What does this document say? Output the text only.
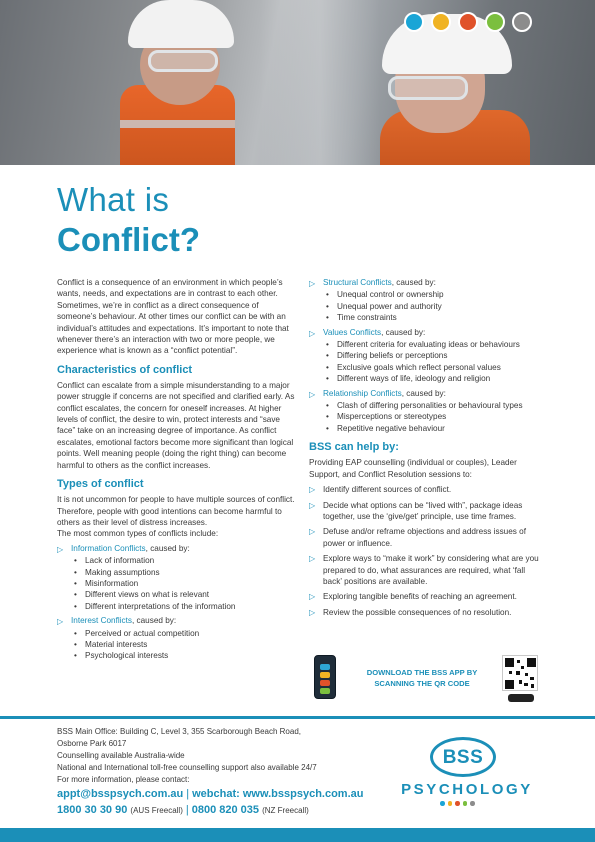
What is
Conflict?

Conflict is a consequence of an environment in which people’s wants, needs, and expectations are in contrast to each other. Sometimes, we’re in conflict as a direct consequence of someone’s behaviour. At other times our conflict can be with an individual’s attitudes and expectations. It’s important to note that whenever there’s an interaction with two or more people, we experience what is known as a “conflict potential”.

Characteristics of conflict

Conflict can escalate from a simple misunderstanding to a major power struggle if concerns are not specified and clarified early. As conflict escalates, the concern for oneself increases. At higher levels of conflict, the desire to win, protect interests and “save face” take on an increasing degree of importance. As conflict escalates, emotional factors become more significant than logical points. Well meaning people (doing the right thing) can become harmful to others as the conflict increases.

Types of conflict

It is not uncommon for people to have multiple sources of conflict. Therefore, people with good intentions can become harmful to others as their level of distress increases.

The most common types of conflicts include:

▷ Information Conflicts, caused by:
• Lack of information
• Making assumptions
• Misinformation
• Different views on what is relevant
• Different interpretations of the information
▷ Interest Conflicts, caused by:
• Perceived or actual competition
• Material interests
• Psychological interests
▷ Structural Conflicts, caused by:
• Unequal control or ownership
• Unequal power and authority
• Time constraints
▷ Values Conflicts, caused by:
• Different criteria for evaluating ideas or behaviours
• Differing beliefs or perceptions
• Exclusive goals which reflect personal values
• Different ways of life, ideology and religion
▷ Relationship Conflicts, caused by:
• Clash of differing personalities or behavioural types
• Misperceptions or stereotypes
• Repetitive negative behaviour
BSS can help by:

Providing EAP counselling (individual or couples), Leader Support, and Conflict Resolution sessions to:

▷ Identify different sources of conflict.
▷ Decide what options can be “lived with”, package ideas together, use the ‘give/get’ principle, use time frames.
▷ Defuse and/or reframe objections and address issues of power or influence.
▷ Explore ways to “make it work” by considering what are you prepared to do, what assurances are required, what ‘fall back’ positions are available.
▷ Exploring tangible benefits of reaching an agreement.
▷ Review the possible consequences of no resolution.
DOWNLOAD THE BSS APP BY
SCANNING THE QR CODE
BSS Main Office: Building C, Level 3, 355 Scarborough Beach Road,
Osborne Park 6017
Counselling available Australia-wide
National and International toll-free counselling support also available 24/7
For more information, please contact:
appt@bsspsych.com.au | webchat: www.bsspsych.com.au
1800 30 30 90 (AUS Freecall) | 0800 820 035 (NZ Freecall)
BSS
PSYCHOLOGY
